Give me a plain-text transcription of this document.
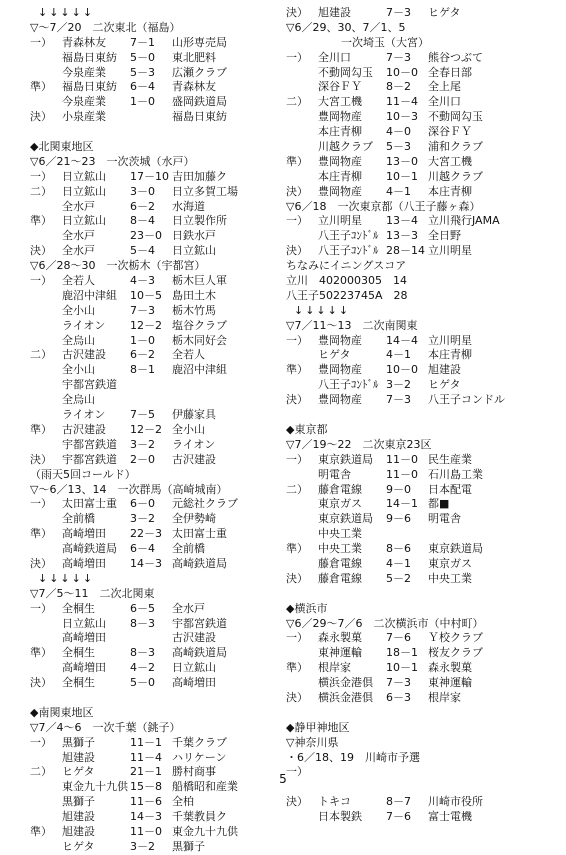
↓↓↓↓↓
▽～7／20　二次東北（福島）
一） 青森林友 7－1 山形専売局
福島日東紡 5－0 東北肥料
今泉産業 5－3 広瀬クラブ
準） 福島日東紡 6－4 青森林友
今泉産業 1－0 盛岡鉄道局
決） 小泉産業	福島日東紡
◆北関東地区
▽6／21～23　一次茨城（水戸）
一） 日立鉱山 17－10 吉田加藤ク
二） 日立鉱山 3－0 日立多賀工場
全水戸	6－2 水海道
準） 日立鉱山 8－4 日立製作所
全水戸	23－0 日鉄水戸
決） 全水戸	5－4 日立鉱山
▽6／28～30　一次栃木（宇都宮）
一） 全若人	4－3 栃木巨人軍
鹿沼中津組 10－5 島田土木
全小山	7－3 栃木竹馬
ライオン 12－2 塩谷クラブ
全烏山	1－0 栃木同好会
二） 古沢建設 6－2 全若人
全小山	8－1 鹿沼中津組
宇都宮鉄道
全烏山
ライオン 7－5 伊藤家具
準） 古沢建設 12－2 全小山
宇都宮鉄道 3－2 ライオン
決） 宇都宮鉄道 2－0 古沢建設
（雨天5回コールド）
▽～6／13、14　一次群馬（高崎城南）
一） 太田富士重 6－0 元総社クラブ
全前橋	3－2 全伊勢崎
準） 高崎増田 22－3 太田富士重
高崎鉄道局 6－4 全前橋
決） 高崎増田 14－3 高崎鉄道局
↓↓↓↓↓
▽7／5～11　二次北関東
一） 全桐生	6－5 全水戸
日立鉱山 8－3 宇都宮鉄道
高崎増田	古沢建設
準） 全桐生	8－3 高崎鉄道局
高崎増田 4－2 日立鉱山
決） 全桐生	5－0 高崎増田
◆南関東地区
▽7／4～6　一次千葉（銚子）
一） 黒獅子	11－1 千葉クラブ
旭建設	11－4 ハリケーン
二） ヒゲタ	21－1 勝村商事
東金九十九供 15－8 船橋昭和産業
黒獅子	11－6 全柏
旭建設	14－3 千葉教員ク
準） 旭建設	11－0 東金九十九供
ヒゲタ	3－2 黒獅子
決） 旭建設	7－3 ヒゲタ
▽6／29、30、7／1、5
　　　　　一次埼玉（大宮）
一） 全川口	7－3 熊谷つぶて
不動岡勾玉 10－0 全春日部
深谷ＦＹ 8－2 全上尾
二） 大宮工機 11－4 全川口
豊岡物産 10－3 不動岡勾玉
本庄青柳 4－0 深谷ＦＹ
川越クラブ 5－3 浦和クラブ
準） 豊岡物産 13－0 大宮工機
本庄青柳 10－1 川越クラブ
決） 豊岡物産 4－1 本庄青柳
▽6／18　一次東京都（八王子藤ヶ森）
一） 立川明星 13－4 立川飛行JAMA
八王子ｺﾝﾄﾞﾙ 13－3 全日野
決） 八王子ｺﾝﾄﾞﾙ 28－14 立川明星
ちなみにイニングスコア
立川　402000305　14
八王子50223745A　28
↓↓↓↓↓
▽7／11～13　二次南関東
一） 豊岡物産 14－4 立川明星
ヒゲタ	4－1 本庄青柳
準） 豊岡物産 10－0 旭建設
八王子ｺﾝﾄﾞﾙ 3－2 ヒゲタ
決） 豊岡物産 7－3 八王子コンドル
◆東京都
▽7／19～22　二次東京23区
一） 東京鉄道局 11－0 民生産業
明電舎	11－0 石川島工業
二） 藤倉電線 9－0 日本配電
東京ガス 14－1 都■
東京鉄道局 9－6 明電舎
中央工業
準） 中央工業 8－6 東京鉄道局
藤倉電線 4－1 東京ガス
決） 藤倉電線 5－2 中央工業
◆横浜市
▽6／29～7／6　二次横浜市（中村町）
一） 森永製菓 7－6 Ｙ校クラブ
東神運輸 18－1 桜友クラブ
準） 根岸家	10－1 森永製菓
横浜金港倶 7－3 東神運輸
決） 横浜金港倶 6－3 根岸家
◆静甲神地区
▽神奈川県
・6／18、19　川崎市予選
一）
決） トキコ	8－7 川崎市役所
日本製鉄 7－6 富士電機
5
